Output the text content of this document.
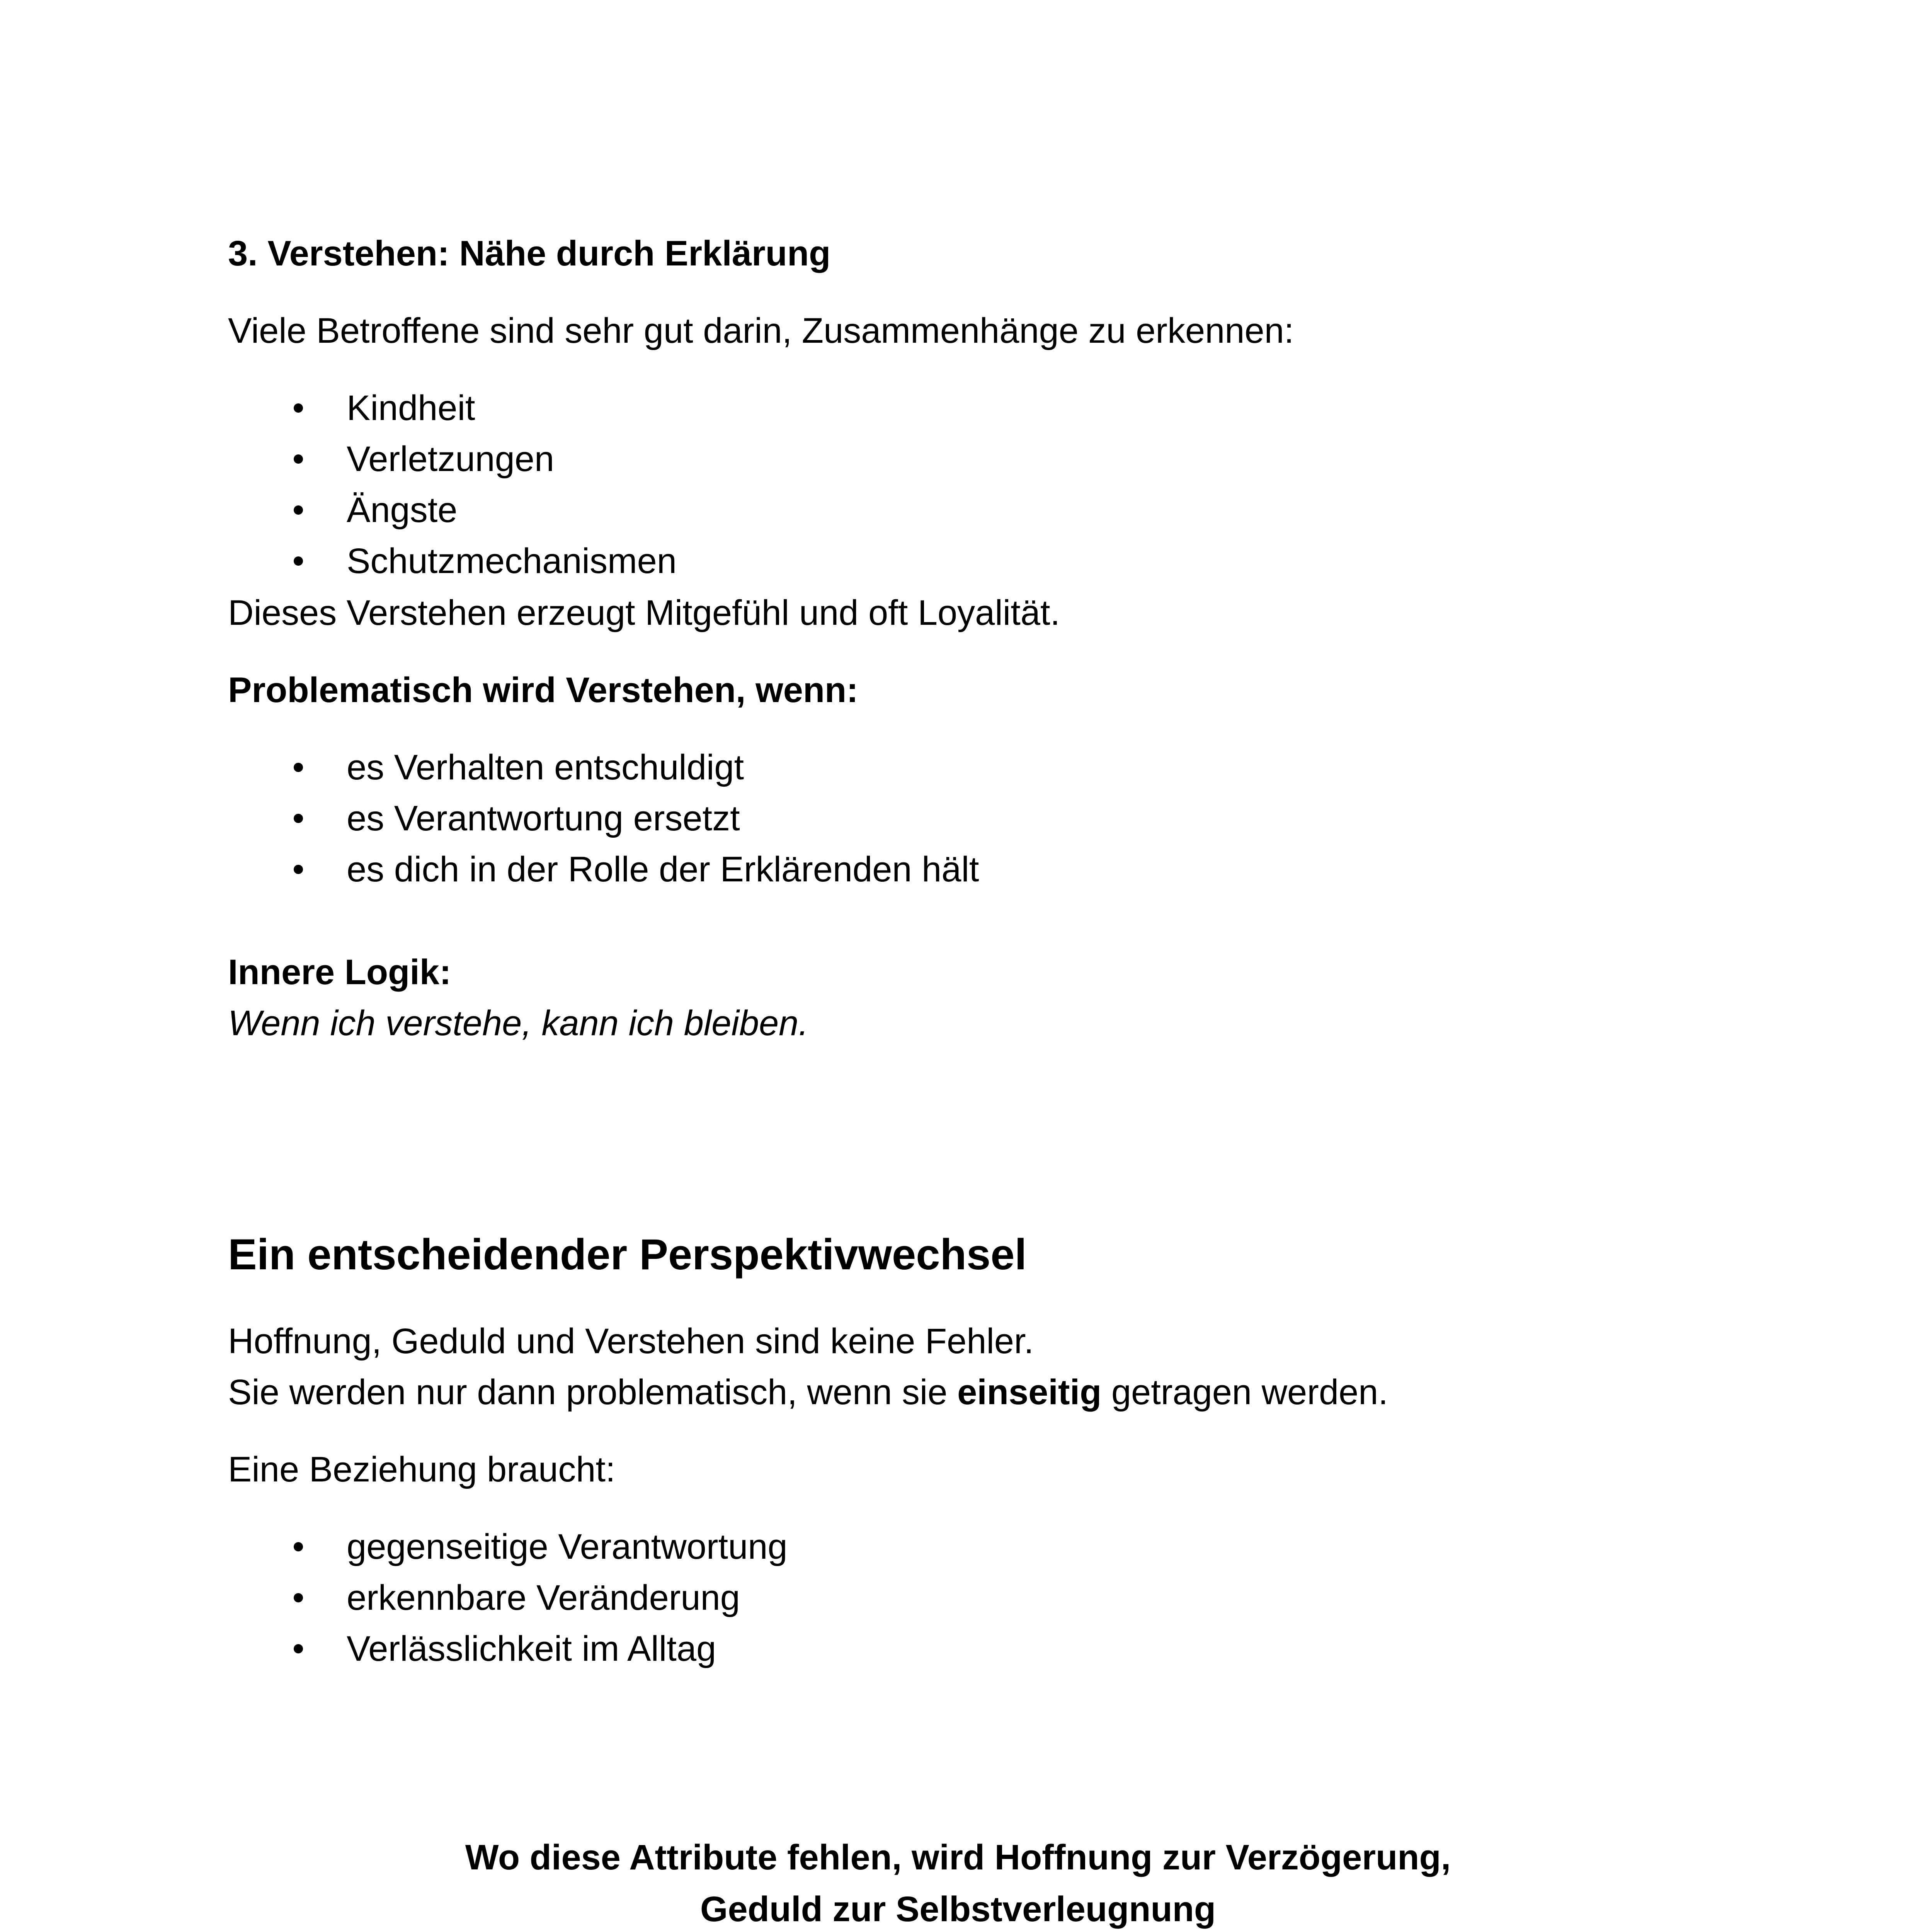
3. Verstehen: Nähe durch Erklärung

Viele Betroffene sind sehr gut darin, Zusammenhänge zu erkennen:

Kindheit
Verletzungen
Ängste
Schutzmechanismen

Dieses Verstehen erzeugt Mitgefühl und oft Loyalität.

Problematisch wird Verstehen, wenn:

es Verhalten entschuldigt
es Verantwortung ersetzt
es dich in der Rolle der Erklärenden hält

Innere Logik:

Wenn ich verstehe, kann ich bleiben.

Ein entscheidender Perspektivwechsel

Hoffnung, Geduld und Verstehen sind keine Fehler.

Sie werden nur dann problematisch, wenn sie einseitig getragen werden.

Eine Beziehung braucht:

gegenseitige Verantwortung
erkennbare Veränderung
Verlässlichkeit im Alltag

Wo diese Attribute fehlen, wird Hoffnung zur Verzögerung,
Geduld zur Selbstverleugnung
